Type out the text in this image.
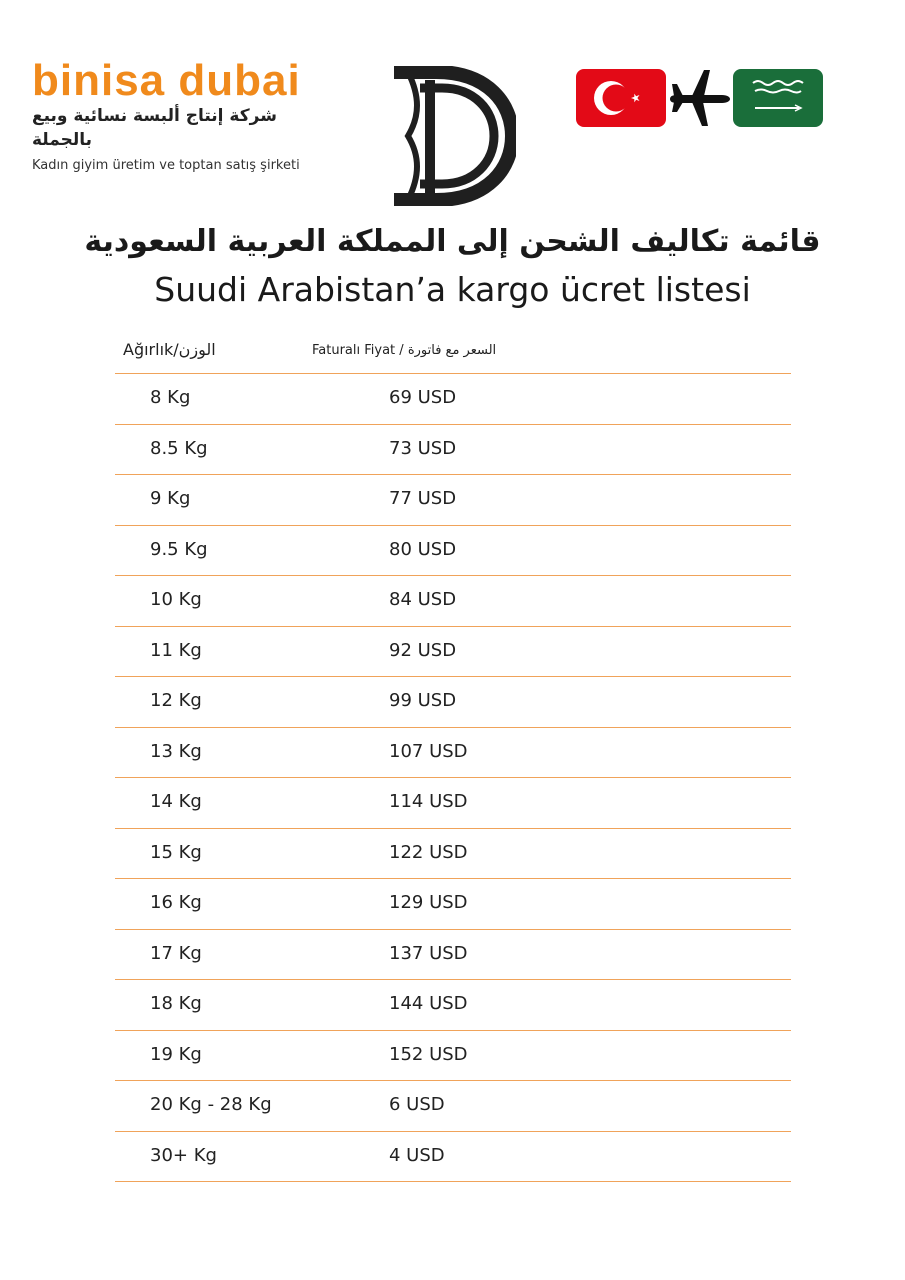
binisa dubai
شركة إنتاج ألبسة نسائية وبيع بالجملة
Kadın giyim üretim ve toptan satış şirketi
قائمة تكاليف الشحن إلى المملكة العربية السعودية
Suudi Arabistan’a kargo ücret listesi
Ağırlık/الوزن	Faturalı Fiyat / السعر مع فاتورة
8 Kg	69 USD
8.5 Kg	73 USD
9 Kg	77 USD
9.5 Kg	80 USD
10 Kg	84 USD
11 Kg	92 USD
12 Kg	99 USD
13 Kg	107 USD
14 Kg	114 USD
15 Kg	122 USD
16 Kg	129 USD
17 Kg	137 USD
18 Kg	144 USD
19 Kg	152 USD
20 Kg - 28 Kg	6 USD
30+ Kg	4 USD
